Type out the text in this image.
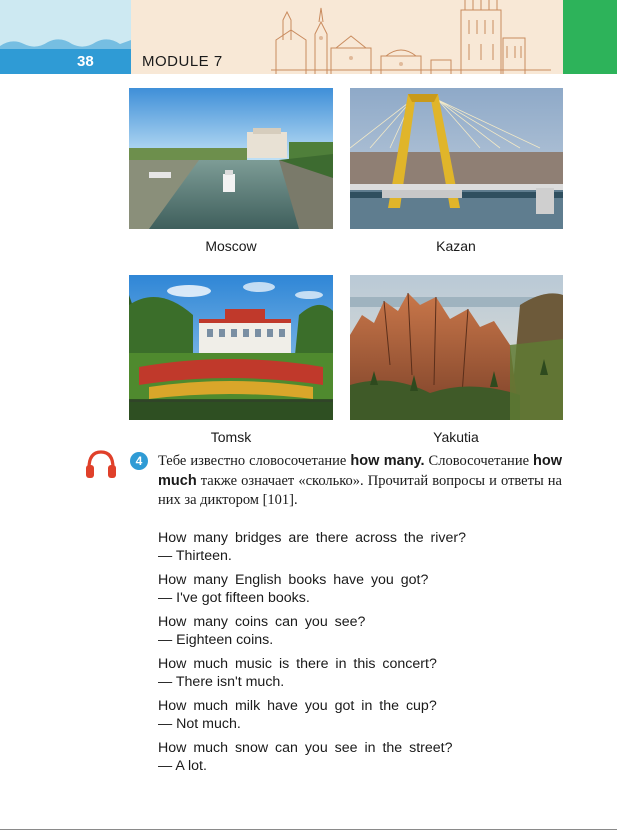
38	MODULE 7
Moscow	Kazan
Tomsk	Yakutia
4	Тебе известно словосочетание how many. Словосочетание how much также означает «сколько». Прочитай вопросы и ответы на них за диктором [101].
How many bridges are there across the river?
— Thirteen.
How many English books have you got?
— I've got fifteen books.
How many coins can you see?
— Eighteen coins.
How much music is there in this concert?
— There isn't much.
How much milk have you got in the cup?
— Not much.
How much snow can you see in the street?
— A lot.
